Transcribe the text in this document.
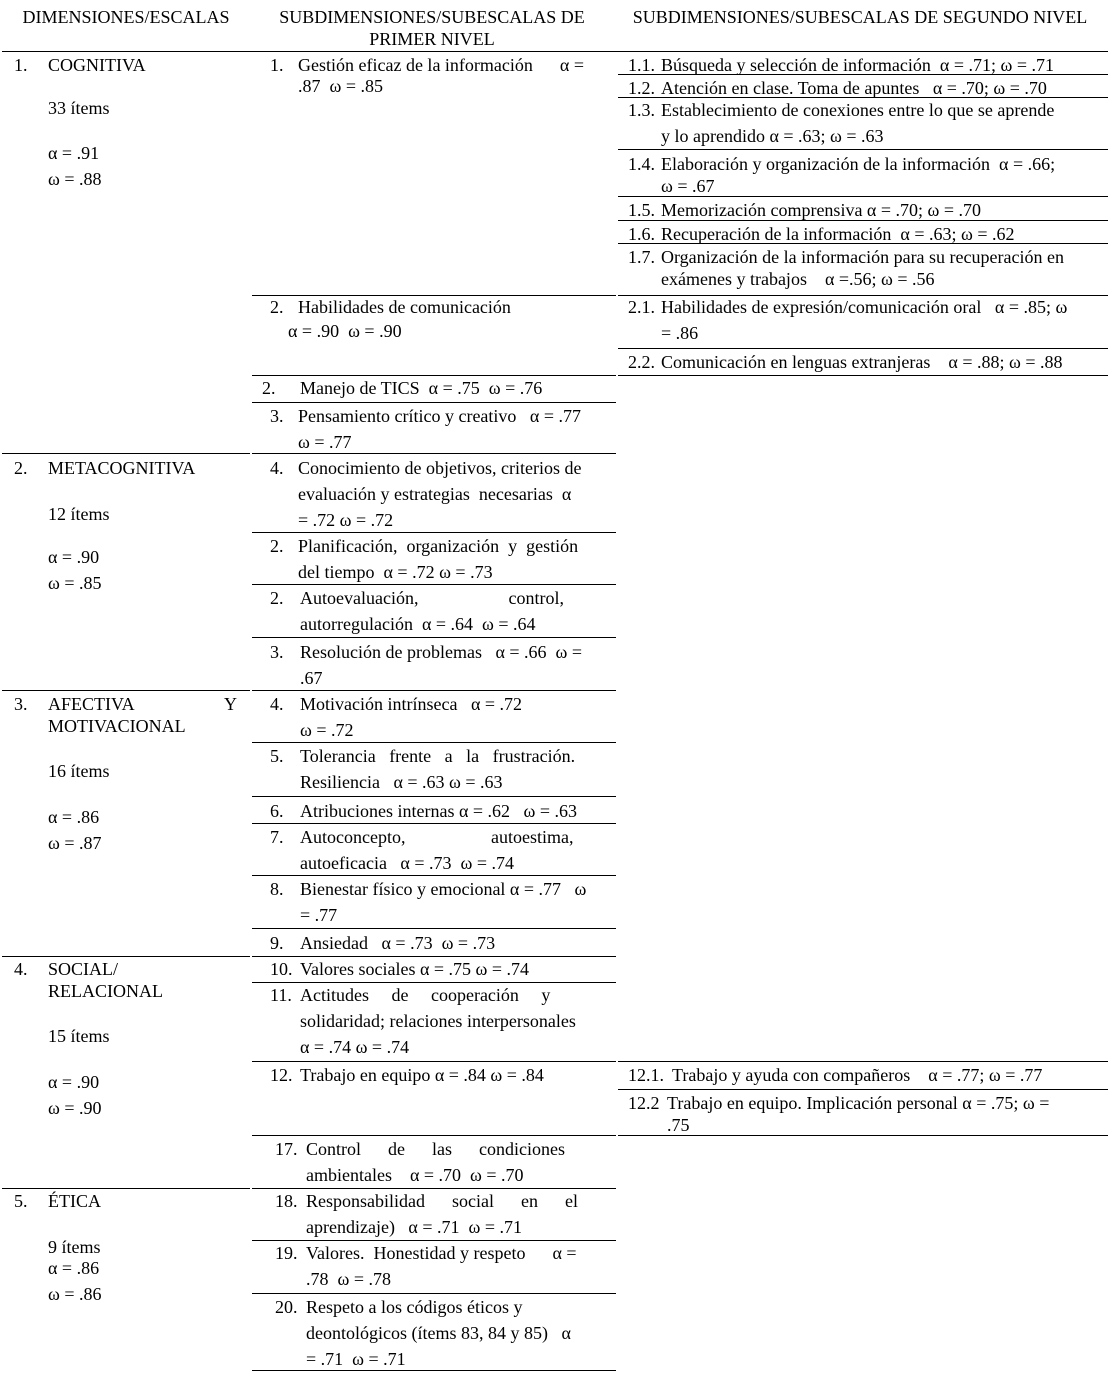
DIMENSIONES/ESCALAS	SUBDIMENSIONES/SUBESCALAS DE PRIMER NIVEL
SUBDIMENSIONES/SUBESCALAS DE SEGUNDO NIVEL
1. COGNITIVA
33 ítems
α = .91
ω = .88
2. METACOGNITIVA
12 ítems
α = .90
ω = .85
3. AFECTIVA	Y
MOTIVACIONAL
16 ítems
α = .86
ω = .87
4. SOCIAL/
RELACIONAL
15 ítems
α = .90
ω = .90
5. ÉTICA
9 ítems
α = .86
ω = .86
1. Gestión eficaz de la información      α =
.87  ω = .85
2. Habilidades de comunicación
α = .90  ω = .90
2. Manejo de TICS  α = .75  ω = .76
3. Pensamiento crítico y creativo   α = .77
ω = .77
4. Conocimiento de objetivos, criterios de
evaluación y estrategias  necesarias  α
= .72 ω = .72
2. Planificación,  organización  y  gestión
del tiempo  α = .72 ω = .73
2. Autoevaluación,                    control,
autorregulación  α = .64  ω = .64
3. Resolución de problemas   α = .66  ω =
.67
4. Motivación intrínseca   α = .72
ω = .72
5. Tolerancia   frente   a   la   frustración.
Resiliencia   α = .63 ω = .63
6. Atribuciones internas α = .62   ω = .63
7. Autoconcepto,                   autoestima,
autoeficacia   α = .73  ω = .74
8. Bienestar físico y emocional α = .77   ω
= .77
9. Ansiedad   α = .73  ω = .73
10. Valores sociales α = .75 ω = .74
11. Actitudes     de     cooperación     y
solidaridad; relaciones interpersonales
α = .74 ω = .74
12. Trabajo en equipo α = .84 ω = .84
17. Control      de      las      condiciones
ambientales    α = .70  ω = .70
18. Responsabilidad      social      en      el
aprendizaje)   α = .71  ω = .71
19. Valores.  Honestidad y respeto      α =
.78  ω = .78
20. Respeto a los códigos éticos y
deontológicos (ítems 83, 84 y 85)   α
= .71  ω = .71
1.1. Búsqueda y selección de información  α = .71; ω = .71
1.2. Atención en clase. Toma de apuntes   α = .70; ω = .70
1.3. Establecimiento de conexiones entre lo que se aprende
y lo aprendido α = .63; ω = .63
1.4. Elaboración y organización de la información  α = .66;
ω = .67
1.5. Memorización comprensiva α = .70; ω = .70
1.6. Recuperación de la información  α = .63; ω = .62
1.7. Organización de la información para su recuperación en
exámenes y trabajos    α =.56; ω = .56
2.1. Habilidades de expresión/comunicación oral   α = .85; ω
= .86
2.2. Comunicación en lenguas extranjeras    α = .88; ω = .88
12.1. Trabajo y ayuda con compañeros    α = .77; ω = .77
12.2 Trabajo en equipo. Implicación personal α = .75; ω =
.75
